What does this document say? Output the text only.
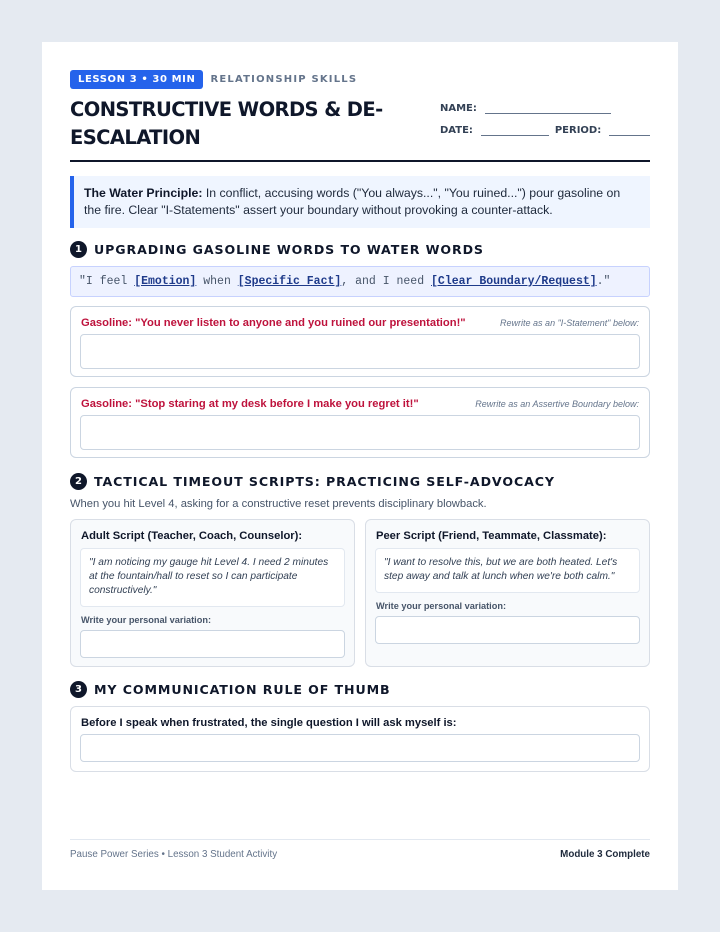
LESSON 3 • 30 MIN	RELATIONSHIP SKILLS
CONSTRUCTIVE WORDS & DE-ESCALATION
NAME:
DATE:	PERIOD:
The Water Principle: In conflict, accusing words ("You always...", "You ruined...") pour gasoline on the fire. Clear "I-Statements" assert your boundary without provoking a counter-attack.
1 UPGRADING GASOLINE WORDS TO WATER WORDS
"I feel [Emotion] when [Specific Fact], and I need [Clear Boundary/Request]."
Gasoline: "You never listen to anyone and you ruined our presentation!"	Rewrite as an "I-Statement" below:
Gasoline: "Stop staring at my desk before I make you regret it!"	Rewrite as an Assertive Boundary below:
2 TACTICAL TIMEOUT SCRIPTS: PRACTICING SELF-ADVOCACY
When you hit Level 4, asking for a constructive reset prevents disciplinary blowback.
Adult Script (Teacher, Coach, Counselor):
"I am noticing my gauge hit Level 4. I need 2 minutes at the fountain/hall to reset so I can participate constructively."
Write your personal variation:
Peer Script (Friend, Teammate, Classmate):
"I want to resolve this, but we are both heated. Let's step away and talk at lunch when we're both calm."
Write your personal variation:
3 MY COMMUNICATION RULE OF THUMB
Before I speak when frustrated, the single question I will ask myself is:
Pause Power Series • Lesson 3 Student Activity	Module 3 Complete
